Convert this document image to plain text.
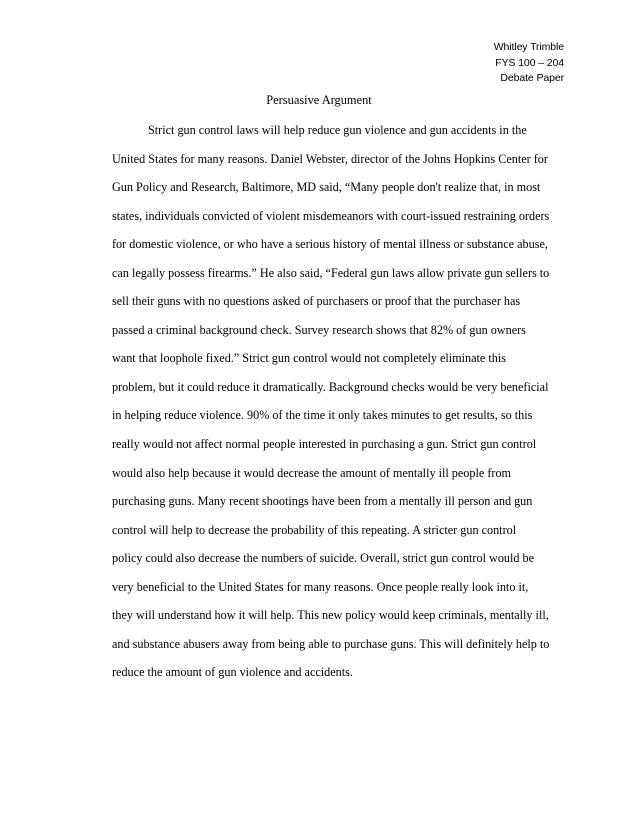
Whitley Trimble
FYS 100 – 204
Debate Paper
Persuasive Argument
Strict gun control laws will help reduce gun violence and gun accidents in the
United States for many reasons. Daniel Webster, director of the Johns Hopkins Center for
Gun Policy and Research, Baltimore, MD said, “Many people don't realize that, in most
states, individuals convicted of violent misdemeanors with court-issued restraining orders
for domestic violence, or who have a serious history of mental illness or substance abuse,
can legally possess firearms.” He also said, “Federal gun laws allow private gun sellers to
sell their guns with no questions asked of purchasers or proof that the purchaser has
passed a criminal background check. Survey research shows that 82% of gun owners
want that loophole fixed.” Strict gun control would not completely eliminate this
problem, but it could reduce it dramatically. Background checks would be very beneficial
in helping reduce violence. 90% of the time it only takes minutes to get results, so this
really would not affect normal people interested in purchasing a gun. Strict gun control
would also help because it would decrease the amount of mentally ill people from
purchasing guns. Many recent shootings have been from a mentally ill person and gun
control will help to decrease the probability of this repeating. A stricter gun control
policy could also decrease the numbers of suicide. Overall, strict gun control would be
very beneficial to the United States for many reasons. Once people really look into it,
they will understand how it will help. This new policy would keep criminals, mentally ill,
and substance abusers away from being able to purchase guns. This will definitely help to
reduce the amount of gun violence and accidents.
